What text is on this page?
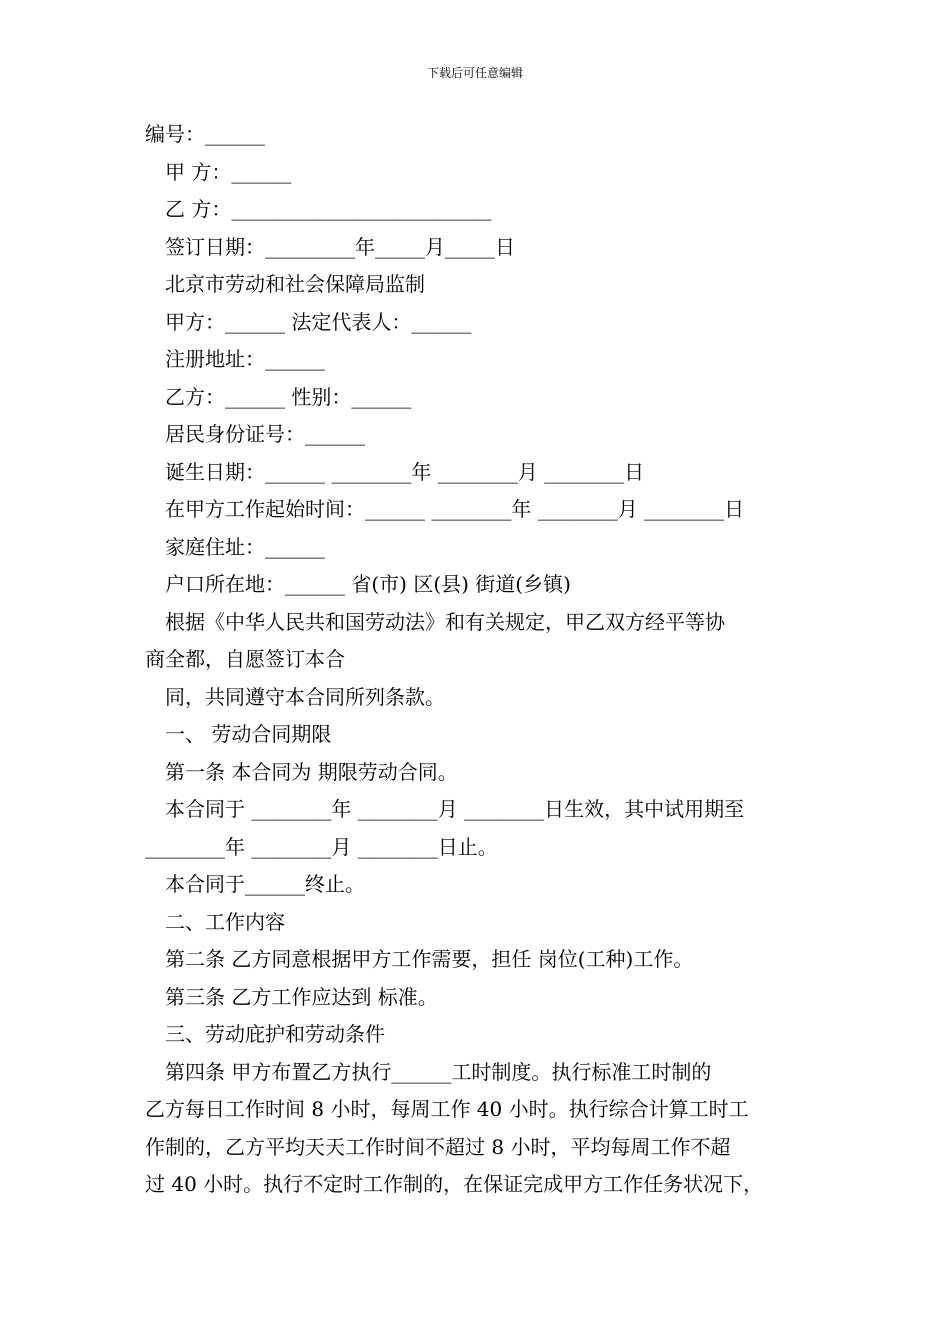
下载后可任意编辑
编号：______
甲 方：______
乙 方：__________________________
签订日期：_________年_____月_____日
北京市劳动和社会保障局监制
甲方：______ 法定代表人：______
注册地址：______
乙方：______ 性别：______
居民身份证号：______
诞生日期：______ ________年 ________月 ________日
在甲方工作起始时间：______ ________年 ________月 ________日
家庭住址：______
户口所在地：______ 省(市) 区(县) 街道(乡镇)
根据《中华人民共和国劳动法》和有关规定，甲乙双方经平等协
商全都，自愿签订本合
同，共同遵守本合同所列条款。
一、 劳动合同期限
第一条 本合同为 期限劳动合同。
本合同于 ________年 ________月 ________日生效，其中试用期至
________年 ________月 ________日止。
本合同于______终止。
二、工作内容
第二条 乙方同意根据甲方工作需要，担任 岗位(工种)工作。
第三条 乙方工作应达到 标准。
三、劳动庇护和劳动条件
第四条 甲方布置乙方执行______工时制度。执行标准工时制的
乙方每日工作时间 8 小时，每周工作 40 小时。执行综合计算工时工
作制的，乙方平均天天工作时间不超过 8 小时，平均每周工作不超
过 40 小时。执行不定时工作制的，在保证完成甲方工作任务状况下，
